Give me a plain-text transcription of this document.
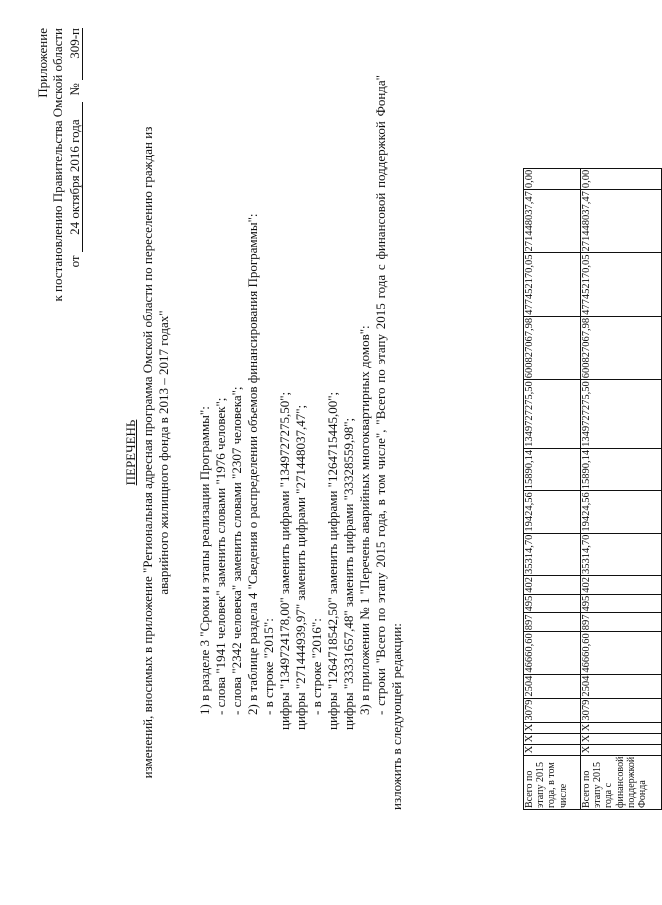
Приложение к постановлению Правительства Омской области от 24 октября 2016 года  № 309-п
ПЕРЕЧЕНЬ изменений, вносимых в приложение "Региональная адресная программа Омской области по переселению граждан из аварийного жилищного фонда в 2013 – 2017 годах" 1) в разделе 3 "Сроки и этапы реализации Программы": - слова "1941 человек" заменить словами "1976 человек"; - слова "2342 человека" заменить словами "2307 человека"; 2) в таблице раздела 4 "Сведения о распределении объемов финансирования Программы": - в строке "2015": цифры "1349724178,00" заменить цифрами "1349727275,50"; цифры "271444939,97" заменить цифрами "271448037,47"; - в строке "2016": цифры "1264718542,50" заменить цифрами "1264715445,00"; цифры "33331657,48" заменить цифрами "33328559,98"; 3) в приложении № 1 "Перечень аварийных многоквартирных домов": - строки "Всего по этапу 2015 года, в том числе", "Всего по этапу 2015 года с финансовой поддержкой Фонда"
изложить в следующей редакции:	Всего по этапу 2015 года, в том числе	X	X	X	3079	2504	46660,60	897	495	402	35314,70	19424,56	15890,14	1349727275,50	600827067,98	477452170,05	271448037,47	0,00
Всего по этапу 2015 года с финансовой поддержкой Фонда	X	X	X	3079	2504	46660,60	897	495	402	35314,70	19424,56	15890,14	1349727275,50	600827067,98	477452170,05	271448037,47	0,00
